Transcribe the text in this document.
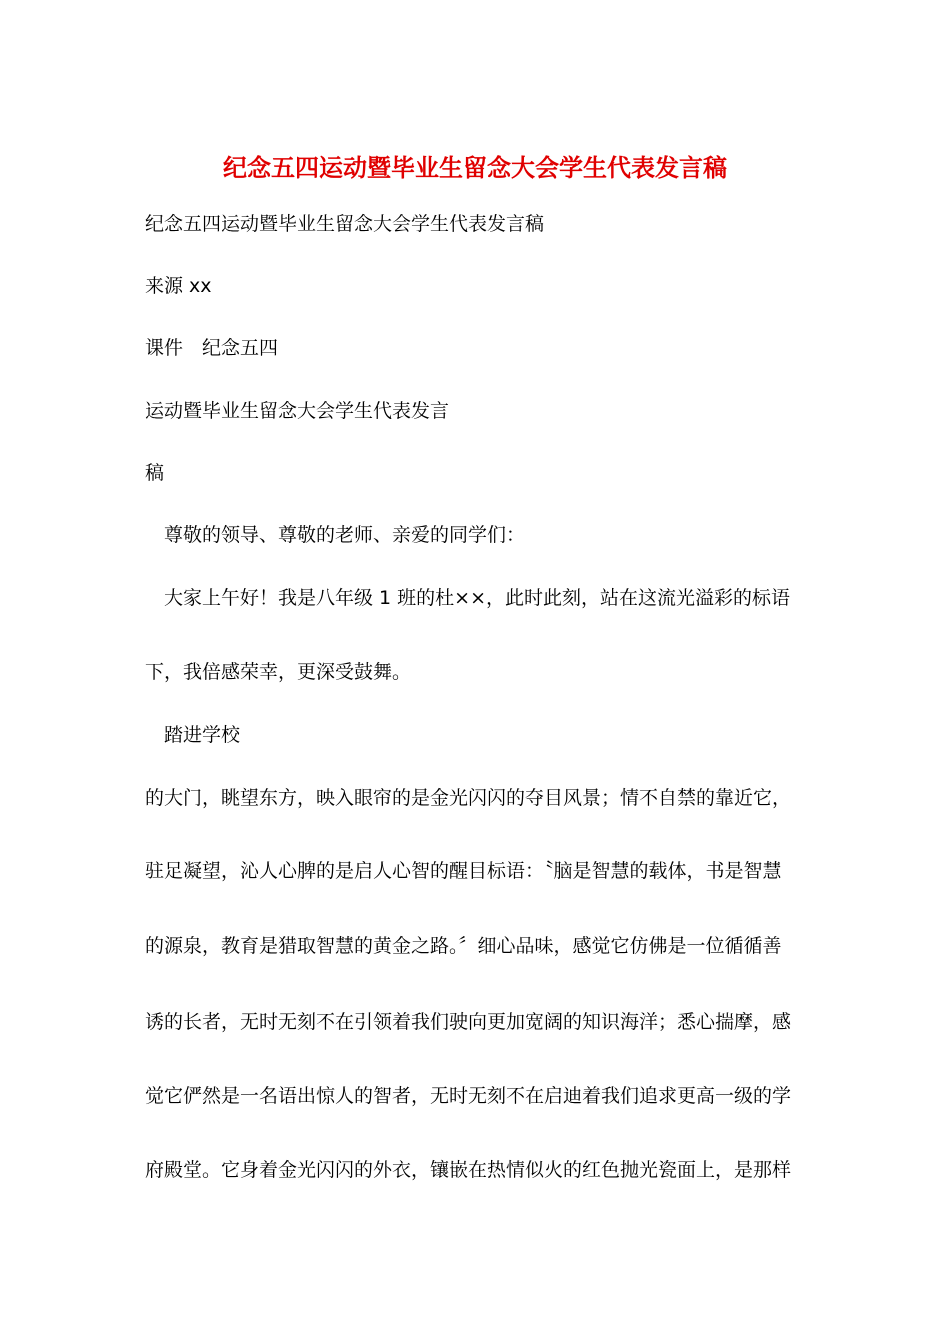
纪念五四运动暨毕业生留念大会学生代表发言稿
纪念五四运动暨毕业生留念大会学生代表发言稿
来源 xx
课件　纪念五四
运动暨毕业生留念大会学生代表发言
稿
尊敬的领导、尊敬的老师、亲爱的同学们：
大家上午好！我是八年级 1 班的杜××，此时此刻，站在这流光溢彩的标语
下，我倍感荣幸，更深受鼓舞。
踏进学校
的大门，眺望东方，映入眼帘的是金光闪闪的夺目风景；情不自禁的靠近它，
驻足凝望，沁人心脾的是启人心智的醒目标语：〝脑是智慧的载体，书是智慧
的源泉，教育是猎取智慧的黄金之路。〞细心品味，感觉它仿佛是一位循循善
诱的长者，无时无刻不在引领着我们驶向更加宽阔的知识海洋；悉心揣摩，感
觉它俨然是一名语出惊人的智者，无时无刻不在启迪着我们追求更高一级的学
府殿堂。它身着金光闪闪的外衣，镶嵌在热情似火的红色抛光瓷面上，是那样
